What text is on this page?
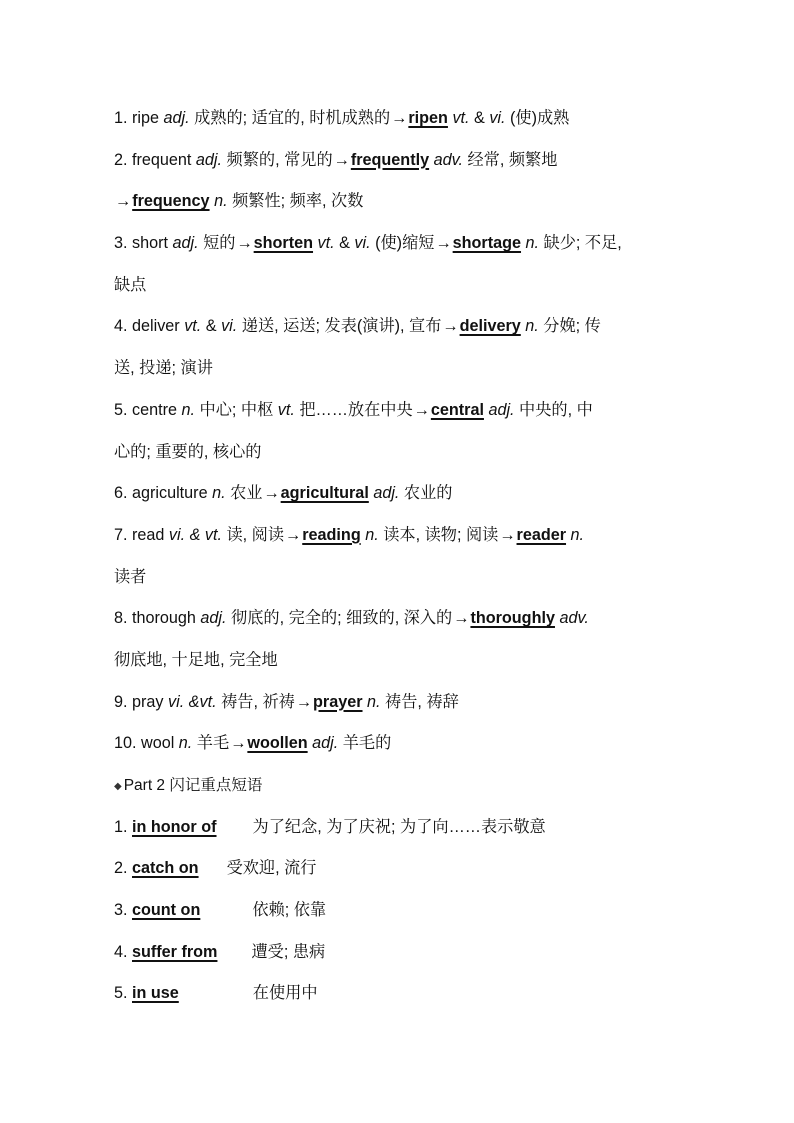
1. ripe adj. 成熟的; 适宜的, 时机成熟的→ripen vt. & vi. (使)成熟
2. frequent adj. 频繁的, 常见的→frequently adv. 经常, 频繁地
→frequency n. 频繁性; 频率, 次数
3. short adj. 短的→shorten vt. & vi. (使)缩短→shortage n. 缺少; 不足,
缺点
4. deliver vt. & vi. 递送, 运送; 发表(演讲), 宣布→delivery n. 分娩; 传
送, 投递; 演讲
5. centre n. 中心; 中枢 vt. 把……放在中央→central adj. 中央的, 中
心的; 重要的, 核心的
6. agriculture n. 农业→agricultural adj. 农业的
7. read vi. & vt. 读, 阅读→reading n. 读本, 读物; 阅读→reader n.
读者
8. thorough adj. 彻底的, 完全的; 细致的, 深入的→thoroughly adv.
彻底地, 十足地, 完全地
9. pray vi. &vt. 祷告, 祈祷→prayer n. 祷告, 祷辞
10. wool n. 羊毛→woollen adj. 羊毛的
◆ Part 2 闪记重点短语
1. in honor of 为了纪念, 为了庆祝; 为了向……表示敬意
2. catch on 受欢迎, 流行
3. count on	依赖; 依靠
4. suffer from 遭受; 患病
5. in use	在使用中
